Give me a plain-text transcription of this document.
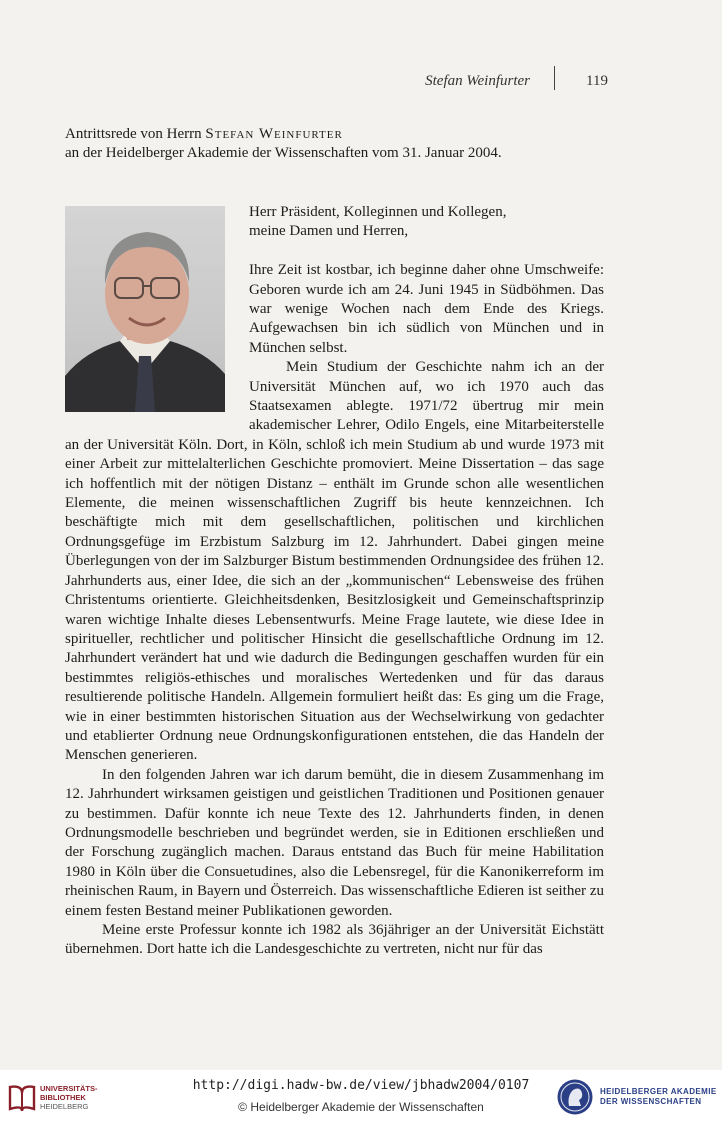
Stefan Weinfurter	119
Antrittsrede von Herrn Stefan Weinfurter
an der Heidelberger Akademie der Wissenschaften vom 31. Januar 2004.

Herr Präsident, Kolleginnen und Kollegen,

meine Damen und Herren,

Ihre Zeit ist kostbar, ich beginne daher ohne Umschweife: Geboren wurde ich am 24. Juni 1945 in Südböhmen. Das war wenige Wochen nach dem Ende des Kriegs. Aufgewachsen bin ich südlich von München und in München selbst.

Mein Studium der Geschichte nahm ich an der Universität München auf, wo ich 1970 auch das Staatsexamen ablegte. 1971/72 übertrug mir mein akademischer Lehrer, Odilo Engels, eine Mitarbeiterstelle an der Universität Köln. Dort, in Köln, schloß ich mein Studium ab und wurde 1973 mit einer Arbeit zur mittelalterlichen Geschichte promoviert. Meine Dissertation – das sage ich hoffentlich mit der nötigen Distanz – enthält im Grunde schon alle wesentlichen Elemente, die meinen wissenschaftlichen Zugriff bis heute kennzeichnen. Ich beschäftigte mich mit dem gesellschaftlichen, politischen und kirchlichen Ordnungsgefüge im Erzbistum Salzburg im 12. Jahrhundert. Dabei gingen meine Überlegungen von der im Salzburger Bistum bestimmenden Ordnungsidee des frühen 12. Jahrhunderts aus, einer Idee, die sich an der „kommunischen“ Lebensweise des frühen Christentums orientierte. Gleichheitsdenken, Besitzlosigkeit und Gemeinschaftsprinzip waren wichtige Inhalte dieses Lebensentwurfs. Meine Frage lautete, wie diese Idee in spiritueller, rechtlicher und politischer Hinsicht die gesellschaftliche Ordnung im 12. Jahrhundert verändert hat und wie dadurch die Bedingungen geschaffen wurden für ein bestimmtes religiös-ethisches und moralisches Wertedenken und für das daraus resultierende politische Handeln. Allgemein formuliert heißt das: Es ging um die Frage, wie in einer bestimmten historischen Situation aus der Wechselwirkung von gedachter und etablierter Ordnung neue Ordnungskonfigurationen entstehen, die das Handeln der Menschen generieren.

In den folgenden Jahren war ich darum bemüht, die in diesem Zusammenhang im 12. Jahrhundert wirksamen geistigen und geistlichen Traditionen und Positionen genauer zu bestimmen. Dafür konnte ich neue Texte des 12. Jahrhunderts finden, in denen Ordnungsmodelle beschrieben und begründet werden, sie in Editionen erschließen und der Forschung zugänglich machen. Daraus entstand das Buch für meine Habilitation 1980 in Köln über die Consuetudines, also die Lebensregel, für die Kanonikerreform im rheinischen Raum, in Bayern und Österreich. Das wissenschaftliche Edieren ist seither zu einem festen Bestand meiner Publikationen geworden.

Meine erste Professur konnte ich 1982 als 36jähriger an der Universität Eichstätt übernehmen. Dort hatte ich die Landesgeschichte zu vertreten, nicht nur für das

UNIVERSITÄTS-
BIBLIOTHEK
HEIDELBERG
http://digi.hadw-bw.de/view/jbhadw2004/0107
© Heidelberger Akademie der Wissenschaften
HEIDELBERGER AKADEMIE
DER WISSENSCHAFTEN
